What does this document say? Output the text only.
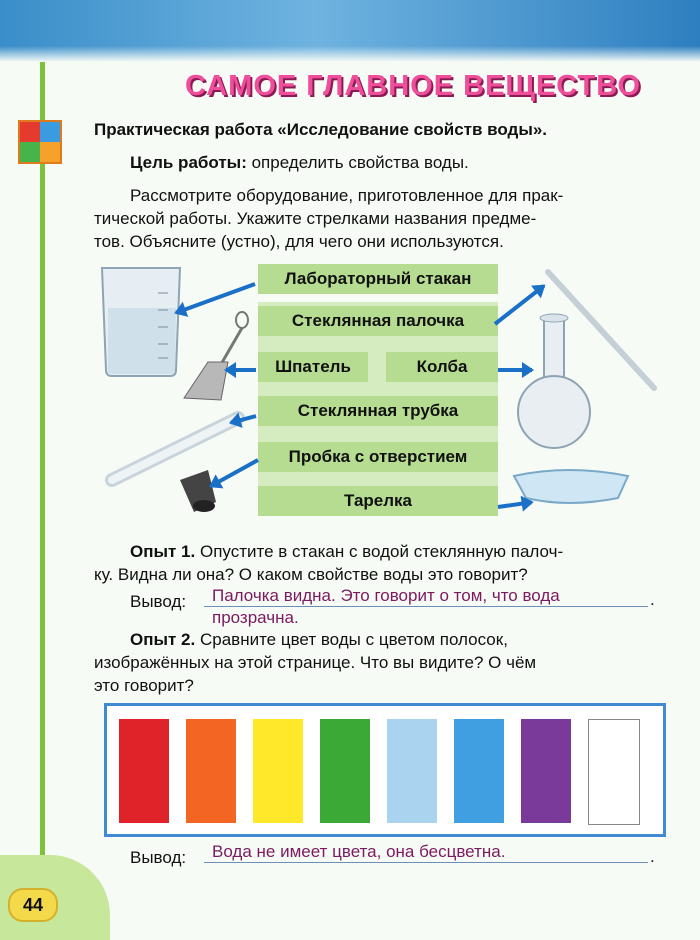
44
САМОЕ ГЛАВНОЕ ВЕЩЕСТВО
Практическая работа «Исследование свойств воды».
Цель работы: определить свойства воды.
Рассмотрите оборудование, приготовленное для прак-
тической работы. Укажите стрелками названия предме-
тов. Объясните (устно), для чего они используются.
Лабораторный стакан
Стеклянная палочка
Шпатель	Колба
Стеклянная трубка
Пробка с отверстием
Тарелка
Опыт 1. Опустите в стакан с водой стеклянную палоч-
ку. Видна ли она? О каком свойстве воды это говорит?
Вывод: Палочка видна. Это говорит о том, что вода	.
прозрачна.
Опыт 2. Сравните цвет воды с цветом полосок,
изображённых на этой странице. Что вы видите? О чём
это говорит?
Вывод: Вода не имеет цвета, она бесцветна.	.
